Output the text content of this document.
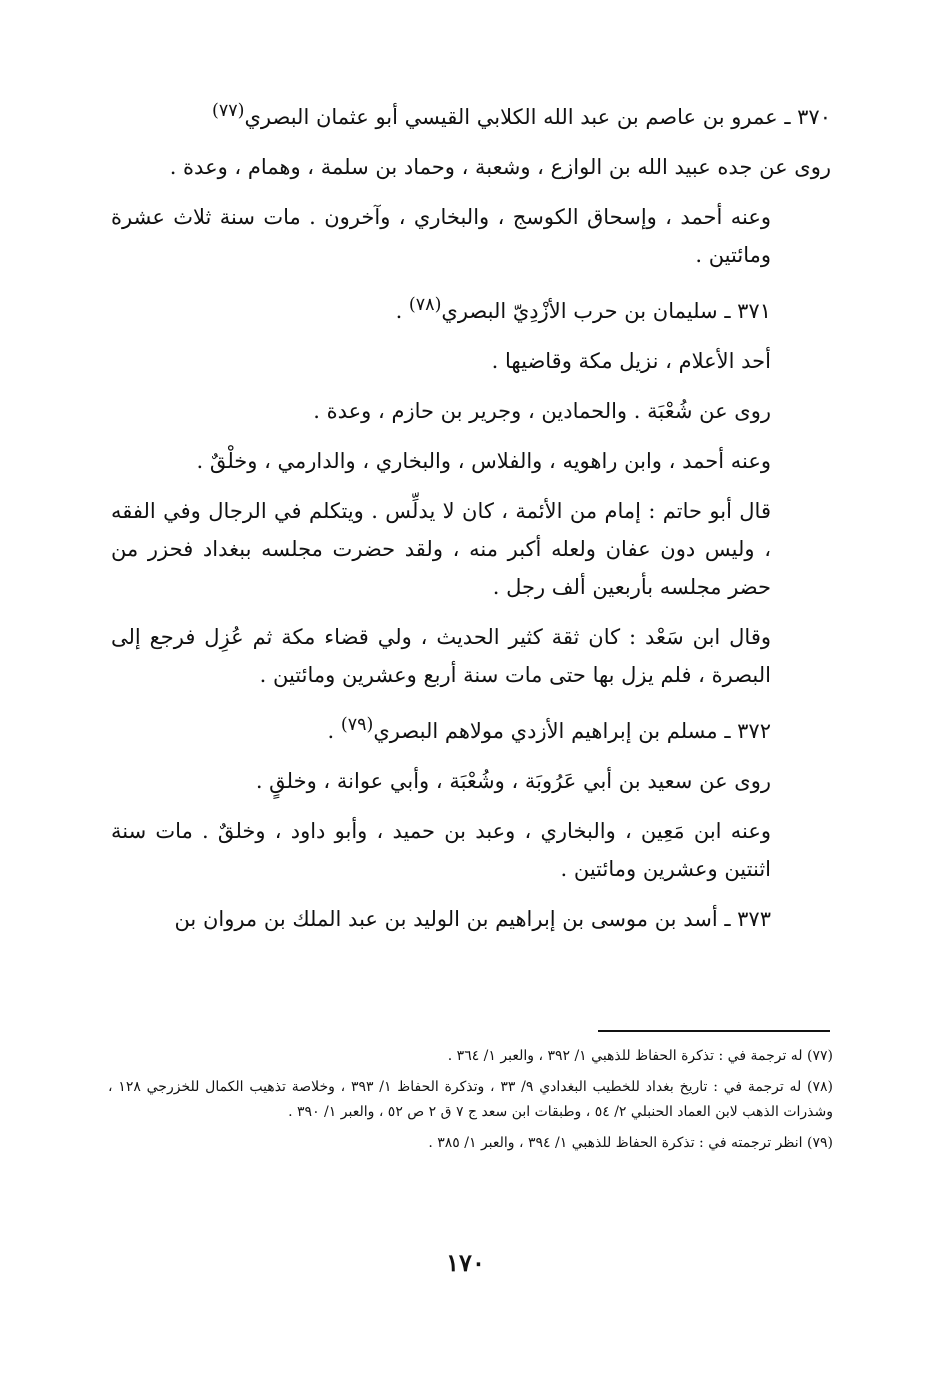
٣٧٠ ـ عمرو بن عاصم بن عبد الله الكلابي القيسي أبو عثمان البصري$^{(٧٧)}$

روى عن جده عبيد الله بن الوازع ، وشعبة ، وحماد بن سلمة ، وهمام ، وعدة .

وعنه أحمد ، وإسحاق الكوسج ، والبخاري ، وآخرون . مات سنة ثلاث عشرة ومائتين .

٣٧١ ـ سليمان بن حرب الأزْدِيّ البصري$^{(٧٨)}$ .

أحد الأعلام ، نزيل مكة وقاضيها .

روى عن شُعْبَة . والحمادين ، وجرير بن حازم ، وعدة .

وعنه أحمد ، وابن راهويه ، والفلاس ، والبخاري ، والدارمي ، وخلْقٌ .

قال أبو حاتم : إمام من الأئمة ، كان لا يدلِّس . ويتكلم في الرجال وفي الفقه ، وليس دون عفان ولعله أكبر منه ، ولقد حضرت مجلسه ببغداد فحزر من حضر مجلسه بأربعين ألف رجل .

وقال ابن سَعْد : كان ثقة كثير الحديث ، ولي قضاء مكة ثم عُزِل فرجع إلى البصرة ، فلم يزل بها حتى مات سنة أربع وعشرين ومائتين .

٣٧٢ ـ مسلم بن إبراهيم الأزدي مولاهم البصري$^{(٧٩)}$ .

روى عن سعيد بن أبي عَرُوبَة ، وشُعْبَة ، وأبي عوانة ، وخلقٍ .

وعنه ابن مَعِين ، والبخاري ، وعبد بن حميد ، وأبو داود ، وخلقٌ . مات سنة اثنتين وعشرين ومائتين .

٣٧٣ ـ أسد بن موسى بن إبراهيم بن الوليد بن عبد الملك بن مروان بن

(٧٧) له ترجمة في : تذكرة الحفاظ للذهبي ١/ ٣٩٢ ، والعبر ١/ ٣٦٤ .

(٧٨) له ترجمة في : تاريخ بغداد للخطيب البغدادي ٩/ ٣٣ ، وتذكرة الحفاظ ١/ ٣٩٣ ، وخلاصة تذهيب الكمال للخزرجي ١٢٨ ، وشذرات الذهب لابن العماد الحنبلي ٢/ ٥٤ ، وطبقات ابن سعد ج ٧ ق ٢ ص ٥٢ ، والعبر ١/ ٣٩٠ .

(٧٩) انظر ترجمته في : تذكرة الحفاظ للذهبي ١/ ٣٩٤ ، والعبر ١/ ٣٨٥ .

١٧٠
